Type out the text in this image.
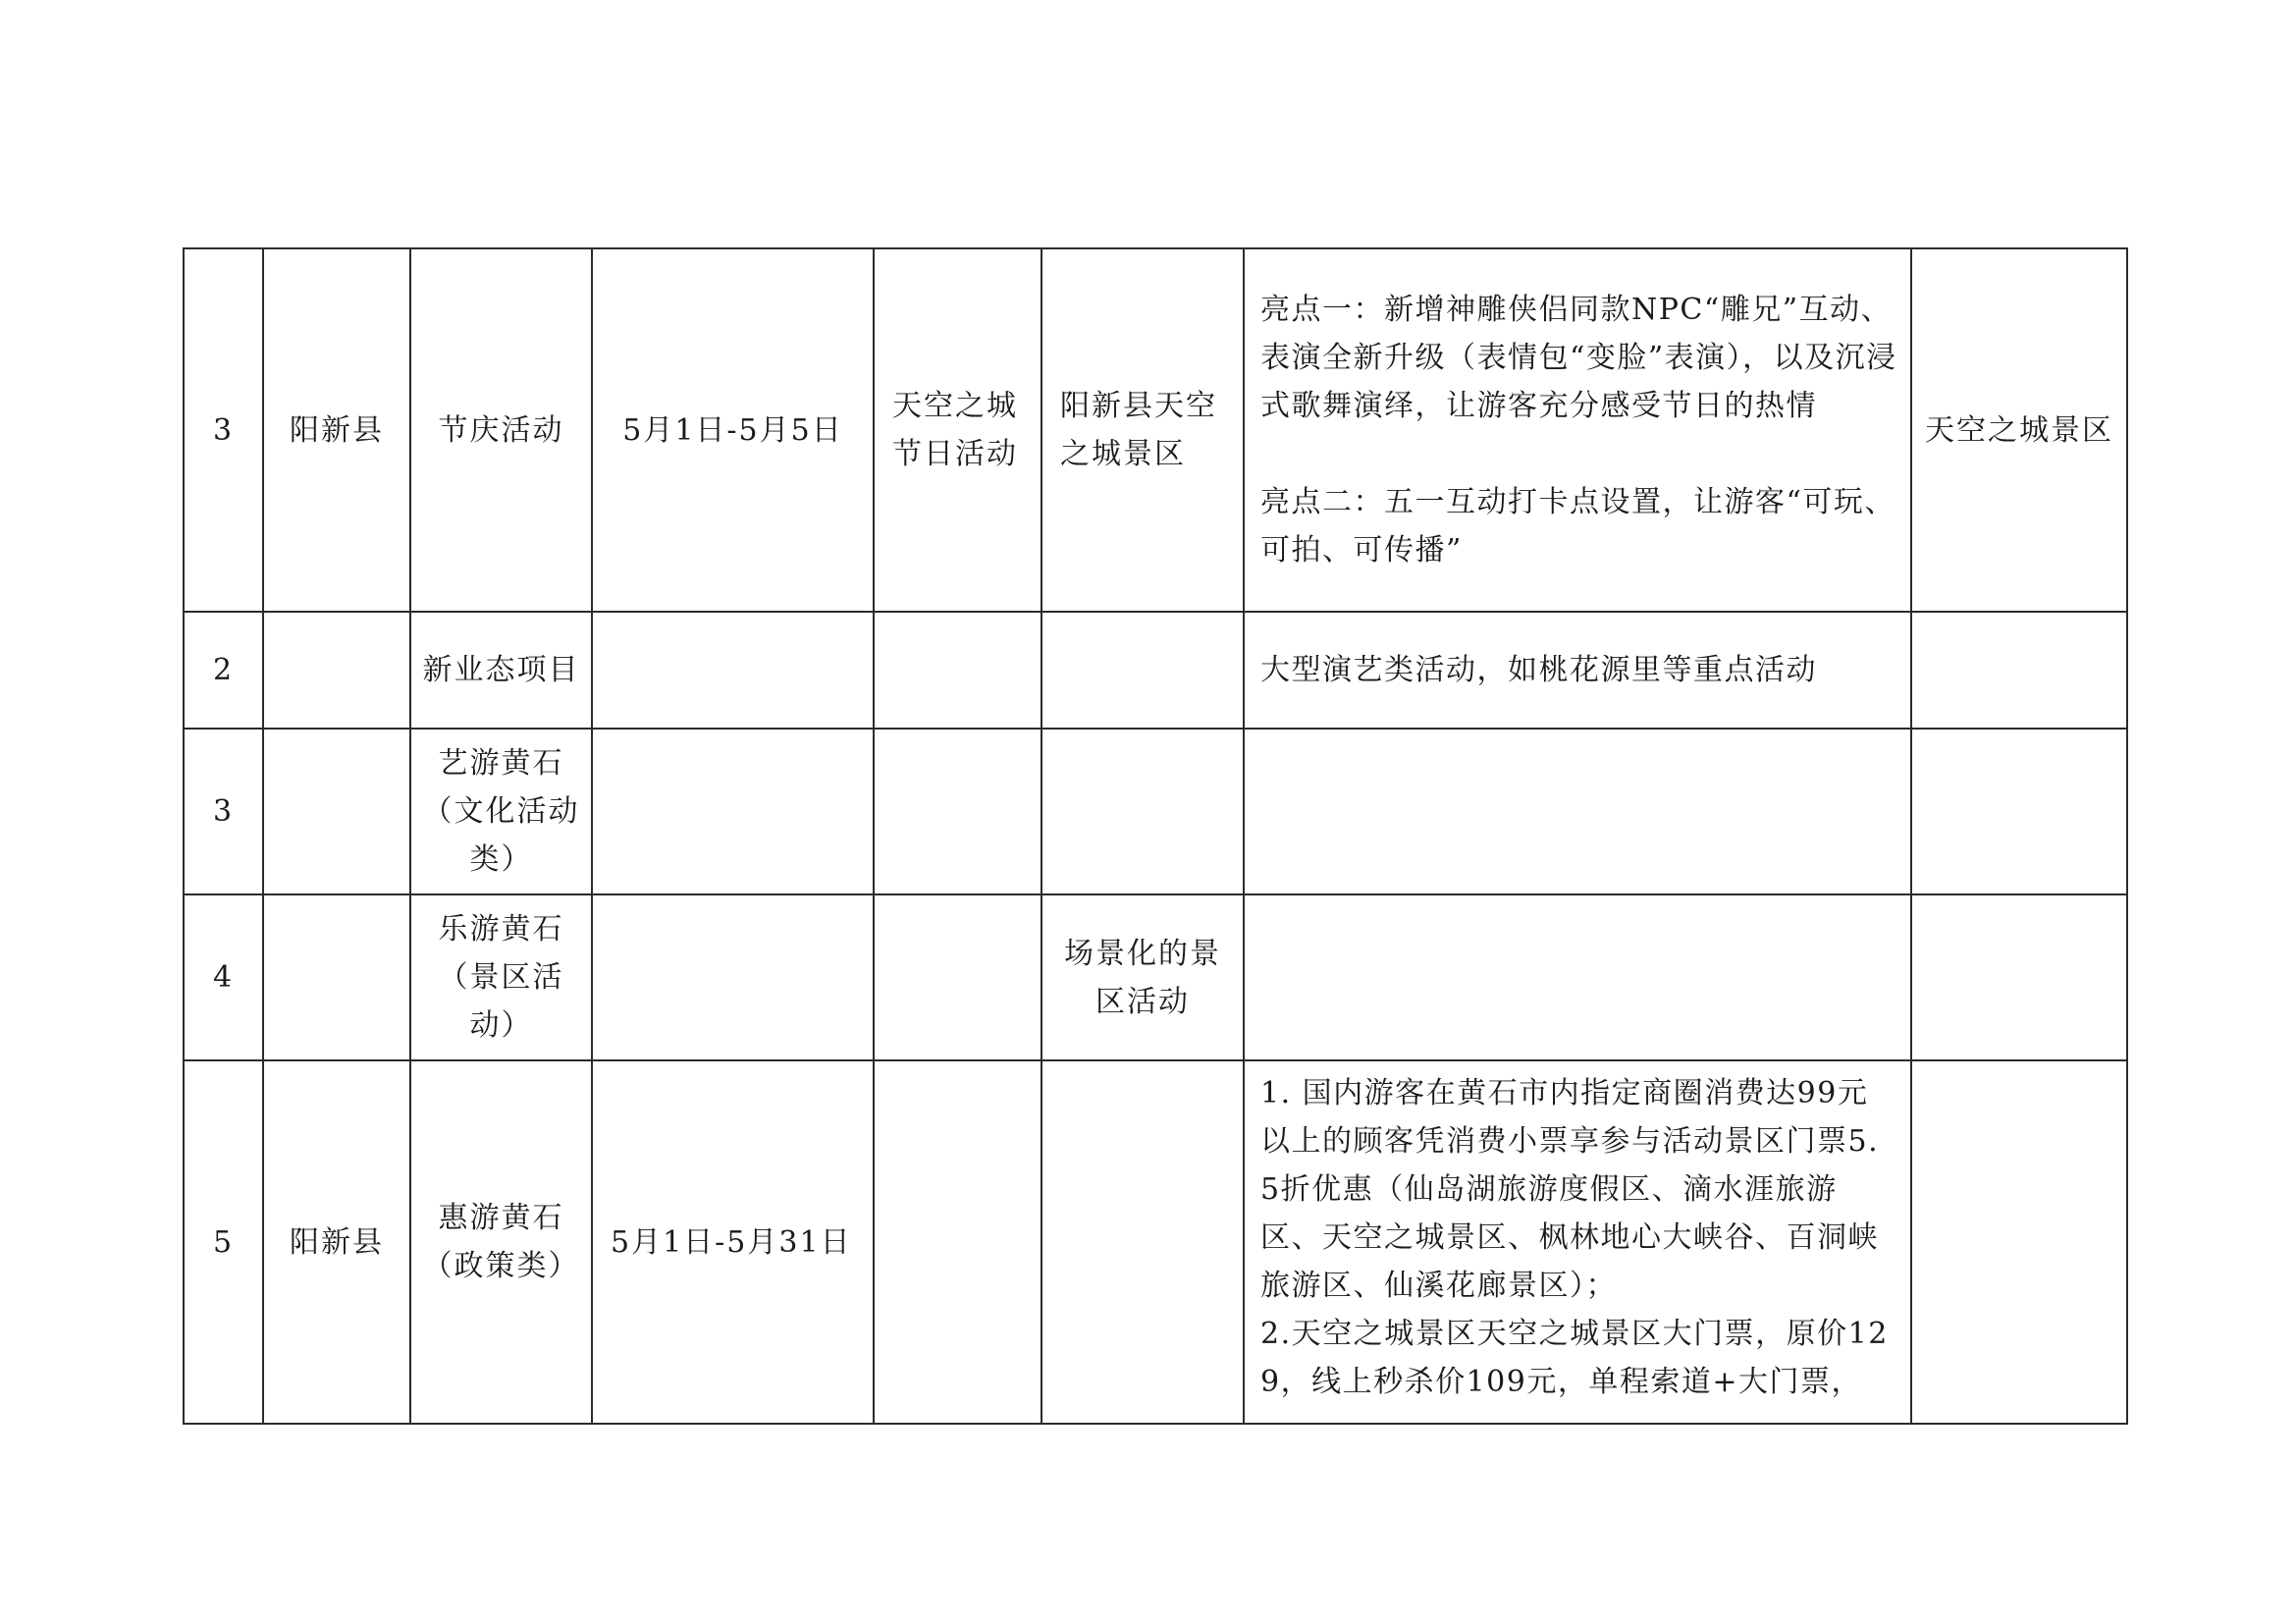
3	阳新县	节庆活动	5月1日-5月5日	天空之城节日活动	阳新县天空之城景区	亮点一：新增神雕侠侣同款NPC“雕兄”互动、表演全新升级（表情包“变脸”表演），以及沉浸式歌舞演绎，让游客充分感受节日的热情
亮点二：五一互动打卡点设置，让游客“可玩、可拍、可传播”	天空之城景区
2		新业态项目				大型演艺类活动，如桃花源里等重点活动	

3		艺游黄石（文化活动类）				

4		乐游黄石（景区活动）			场景化的景区活动	

5	阳新县	惠游黄石（政策类）	5月1日-5月31日			1. 国内游客在黄石市内指定商圈消费达99元以上的顾客凭消费小票享参与活动景区门票5.5折优惠（仙岛湖旅游度假区、滴水涯旅游区、天空之城景区、枫林地心大峡谷、百洞峡旅游区、仙溪花廊景区）；
2.天空之城景区天空之城景区大门票，原价129，线上秒杀价109元，单程索道+大门票，	
